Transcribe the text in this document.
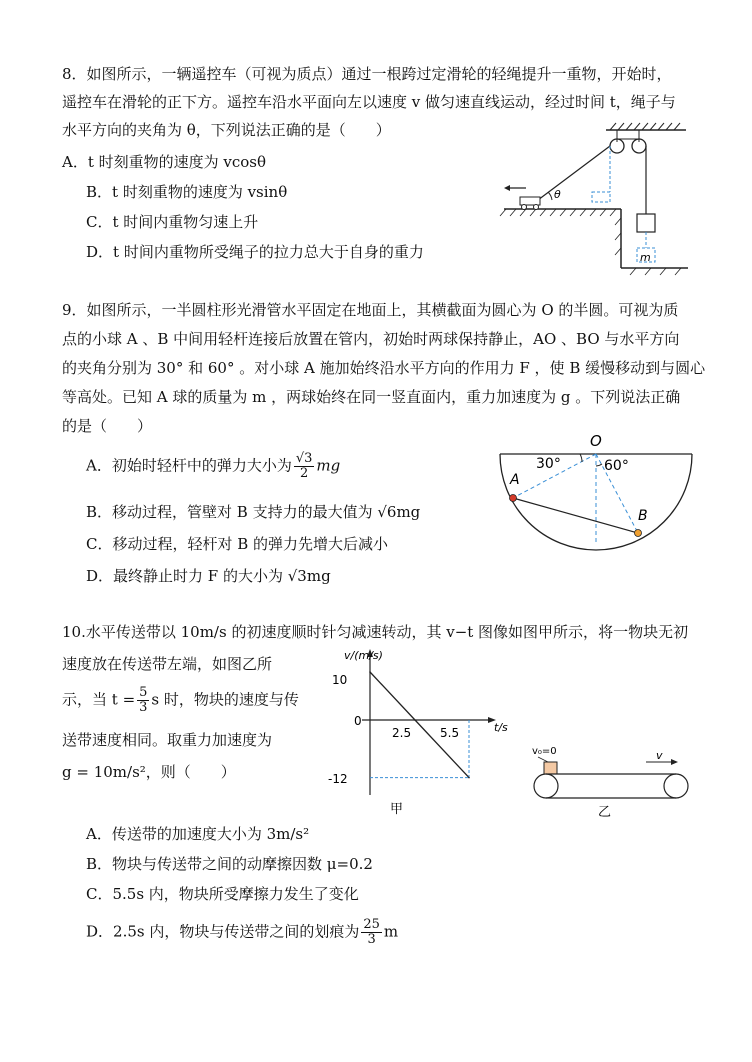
8．如图所示，一辆遥控车（可视为质点）通过一根跨过定滑轮的轻绳提升一重物，开始时，
遥控车在滑轮的正下方。遥控车沿水平面向左以速度 v 做匀速直线运动，经过时间 t，绳子与
水平方向的夹角为 θ，下列说法正确的是（　　）
A．t 时刻重物的速度为 vcosθ
B．t 时刻重物的速度为 vsinθ
C．t 时间内重物匀速上升
D．t 时间内重物所受绳子的拉力总大于自身的重力	m
θ
9．如图所示，一半圆柱形光滑管水平固定在地面上，其横截面为圆心为 O 的半圆。可视为质
点的小球 A 、B 中间用轻杆连接后放置在管内，初始时两球保持静止，AO 、BO 与水平方向
的夹角分别为 30° 和 60° 。对小球 A 施加始终沿水平方向的作用力 F ，使 B 缓慢移动到与圆心
等高处。已知 A 球的质量为 m ，两球始终在同一竖直面内，重力加速度为 g 。下列说法正确
的是（　　）
A．初始时轻杆中的弹力大小为 $\frac{√3}{2}$ mg
B．移动过程，管壁对 B 支持力的最大值为 √6mg
C．移动过程，轻杆对 B 的弹力先增大后减小
D．最终静止时力 F 的大小为 √3mg
O
30°	60°
A
B
10.水平传送带以 10m/s 的初速度顺时针匀减速转动，其 v−t 图像如图甲所示，将一物块无初
速度放在传送带左端，如图乙所
示，当 $t = \frac{5}{3}$ s 时，物块的速度与传
送带速度相同。取重力加速度为
g = 10m/s²，则（　　）
v/(m/s)
t/s
10
0
-12
2.5 5.5
甲
v₀=0	v
乙
A．传送带的加速度大小为 3m/s²
B．物块与传送带之间的动摩擦因数 μ=0.2
C．5.5s 内，物块所受摩擦力发生了变化
D．2.5s 内，物块与传送带之间的划痕为 $\frac{25}{3}$ m
